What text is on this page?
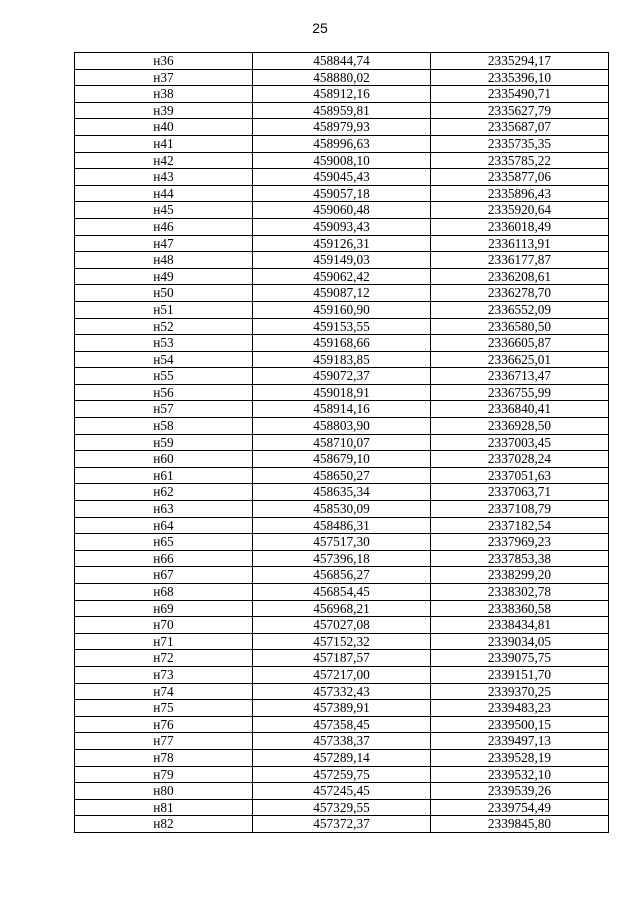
25
н36	458844,74	2335294,17
н37	458880,02	2335396,10
н38	458912,16	2335490,71
н39	458959,81	2335627,79
н40	458979,93	2335687,07
н41	458996,63	2335735,35
н42	459008,10	2335785,22
н43	459045,43	2335877,06
н44	459057,18	2335896,43
н45	459060,48	2335920,64
н46	459093,43	2336018,49
н47	459126,31	2336113,91
н48	459149,03	2336177,87
н49	459062,42	2336208,61
н50	459087,12	2336278,70
н51	459160,90	2336552,09
н52	459153,55	2336580,50
н53	459168,66	2336605,87
н54	459183,85	2336625,01
н55	459072,37	2336713,47
н56	459018,91	2336755,99
н57	458914,16	2336840,41
н58	458803,90	2336928,50
н59	458710,07	2337003,45
н60	458679,10	2337028,24
н61	458650,27	2337051,63
н62	458635,34	2337063,71
н63	458530,09	2337108,79
н64	458486,31	2337182,54
н65	457517,30	2337969,23
н66	457396,18	2337853,38
н67	456856,27	2338299,20
н68	456854,45	2338302,78
н69	456968,21	2338360,58
н70	457027,08	2338434,81
н71	457152,32	2339034,05
н72	457187,57	2339075,75
н73	457217,00	2339151,70
н74	457332,43	2339370,25
н75	457389,91	2339483,23
н76	457358,45	2339500,15
н77	457338,37	2339497,13
н78	457289,14	2339528,19
н79	457259,75	2339532,10
н80	457245,45	2339539,26
н81	457329,55	2339754,49
н82	457372,37	2339845,80
